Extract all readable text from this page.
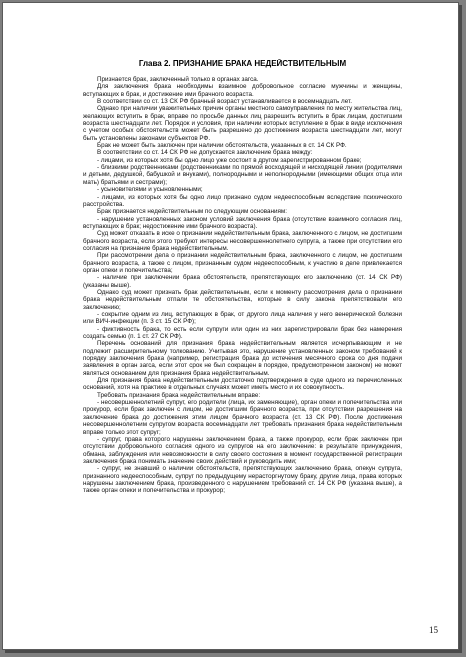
Глава 2. ПРИЗНАНИЕ БРАКА НЕДЕЙСТВИТЕЛЬНЫМ

Признается брак, заключенный только в органах загса.

Для заключения брака необходимы взаимное добровольное согласие мужчины и женщины, вступающих в брак, и достижение ими брачного возраста.

В соответствии со ст. 13 СК РФ брачный возраст устанавливается в восемнадцать лет.

Однако при наличии уважительных причин органы местного самоуправления по месту жительства лиц, желающих вступить в брак, вправе по просьбе данных лиц разрешить вступить в брак лицам, достигшим возраста шестнадцати лет. Порядок и условия, при наличии которых вступление в брак в виде исключения с учетом особых обстоятельств может быть разрешено до достижения возраста шестнадцати лет, могут быть установлены законами субъектов РФ.

Брак не может быть заключен при наличии обстоятельств, указанных в ст. 14 СК РФ.

В соответствии со ст. 14 СК РФ не допускается заключение брака между:

- лицами, из которых хотя бы одно лицо уже состоит в другом зарегистрированном браке;

- близкими родственниками (родственниками по прямой восходящей и нисходящей линии (родителями и детьми, дедушкой, бабушкой и внуками), полнородными и неполнородными (имеющими общих отца или мать) братьями и сестрами);

- усыновителями и усыновленными;

- лицами, из которых хотя бы одно лицо признано судом недееспособным вследствие психического расстройства.

Брак признается недействительным по следующим основаниям:

- нарушение установленных законом условий заключения брака (отсутствие взаимного согласия лиц, вступающих в брак; недостижение ими брачного возраста).

Суд может отказать в иске о признании недействительным брака, заключенного с лицом, не достигшим брачного возраста, если этого требуют интересы несовершеннолетнего супруга, а также при отсутствии его согласия на признание брака недействительным.

При рассмотрении дела о признании недействительным брака, заключенного с лицом, не достигшим брачного возраста, а также с лицом, признанным судом недееспособным, к участию в деле привлекается орган опеки и попечительства;

- наличие при заключении брака обстоятельств, препятствующих его заключению (ст. 14 СК РФ) (указаны выше).

Однако суд может признать брак действительным, если к моменту рассмотрения дела о признании брака недействительным отпали те обстоятельства, которые в силу закона препятствовали его заключению;

- сокрытие одним из лиц, вступающих в брак, от другого лица наличия у него венерической болезни или ВИЧ-инфекции (п. 3 ст. 15 СК РФ);

- фиктивность брака, то есть если супруги или один из них зарегистрировали брак без намерения создать семью (п. 1 ст. 27 СК РФ).

Перечень оснований для признания брака недействительным является исчерпывающим и не подлежит расширительному толкованию. Учитывая это, нарушение установленных законом требований к порядку заключения брака (например, регистрация брака до истечения месячного срока со дня подачи заявления в орган загса, если этот срок не был сокращен в порядке, предусмотренном законом) не может являться основанием для признания брака недействительным.

Для признания брака недействительным достаточно подтверждения в суде одного из перечисленных оснований, хотя на практике в отдельных случаях может иметь место и их совокупность.

Требовать признания брака недействительным вправе:

- несовершеннолетний супруг, его родители (лица, их заменяющие), орган опеки и попечительства или прокурор, если брак заключен с лицом, не достигшим брачного возраста, при отсутствии разрешения на заключение брака до достижения этим лицом брачного возраста (ст. 13 СК РФ). После достижения несовершеннолетним супругом возраста восемнадцати лет требовать признания брака недействительным вправе только этот супруг;

- супруг, права которого нарушены заключением брака, а также прокурор, если брак заключен при отсутствии добровольного согласия одного из супругов на его заключение: в результате принуждения, обмана, заблуждения или невозможности в силу своего состояния в момент государственной регистрации заключения брака понимать значение своих действий и руководить ими;

- супруг, не знавший о наличии обстоятельств, препятствующих заключению брака, опекун супруга, признанного недееспособным, супруг по предыдущему нерасторгнутому браку, другие лица, права которых нарушены заключением брака, произведенного с нарушением требований ст. 14 СК РФ (указана выше), а также орган опеки и попечительства и прокурор;

15
